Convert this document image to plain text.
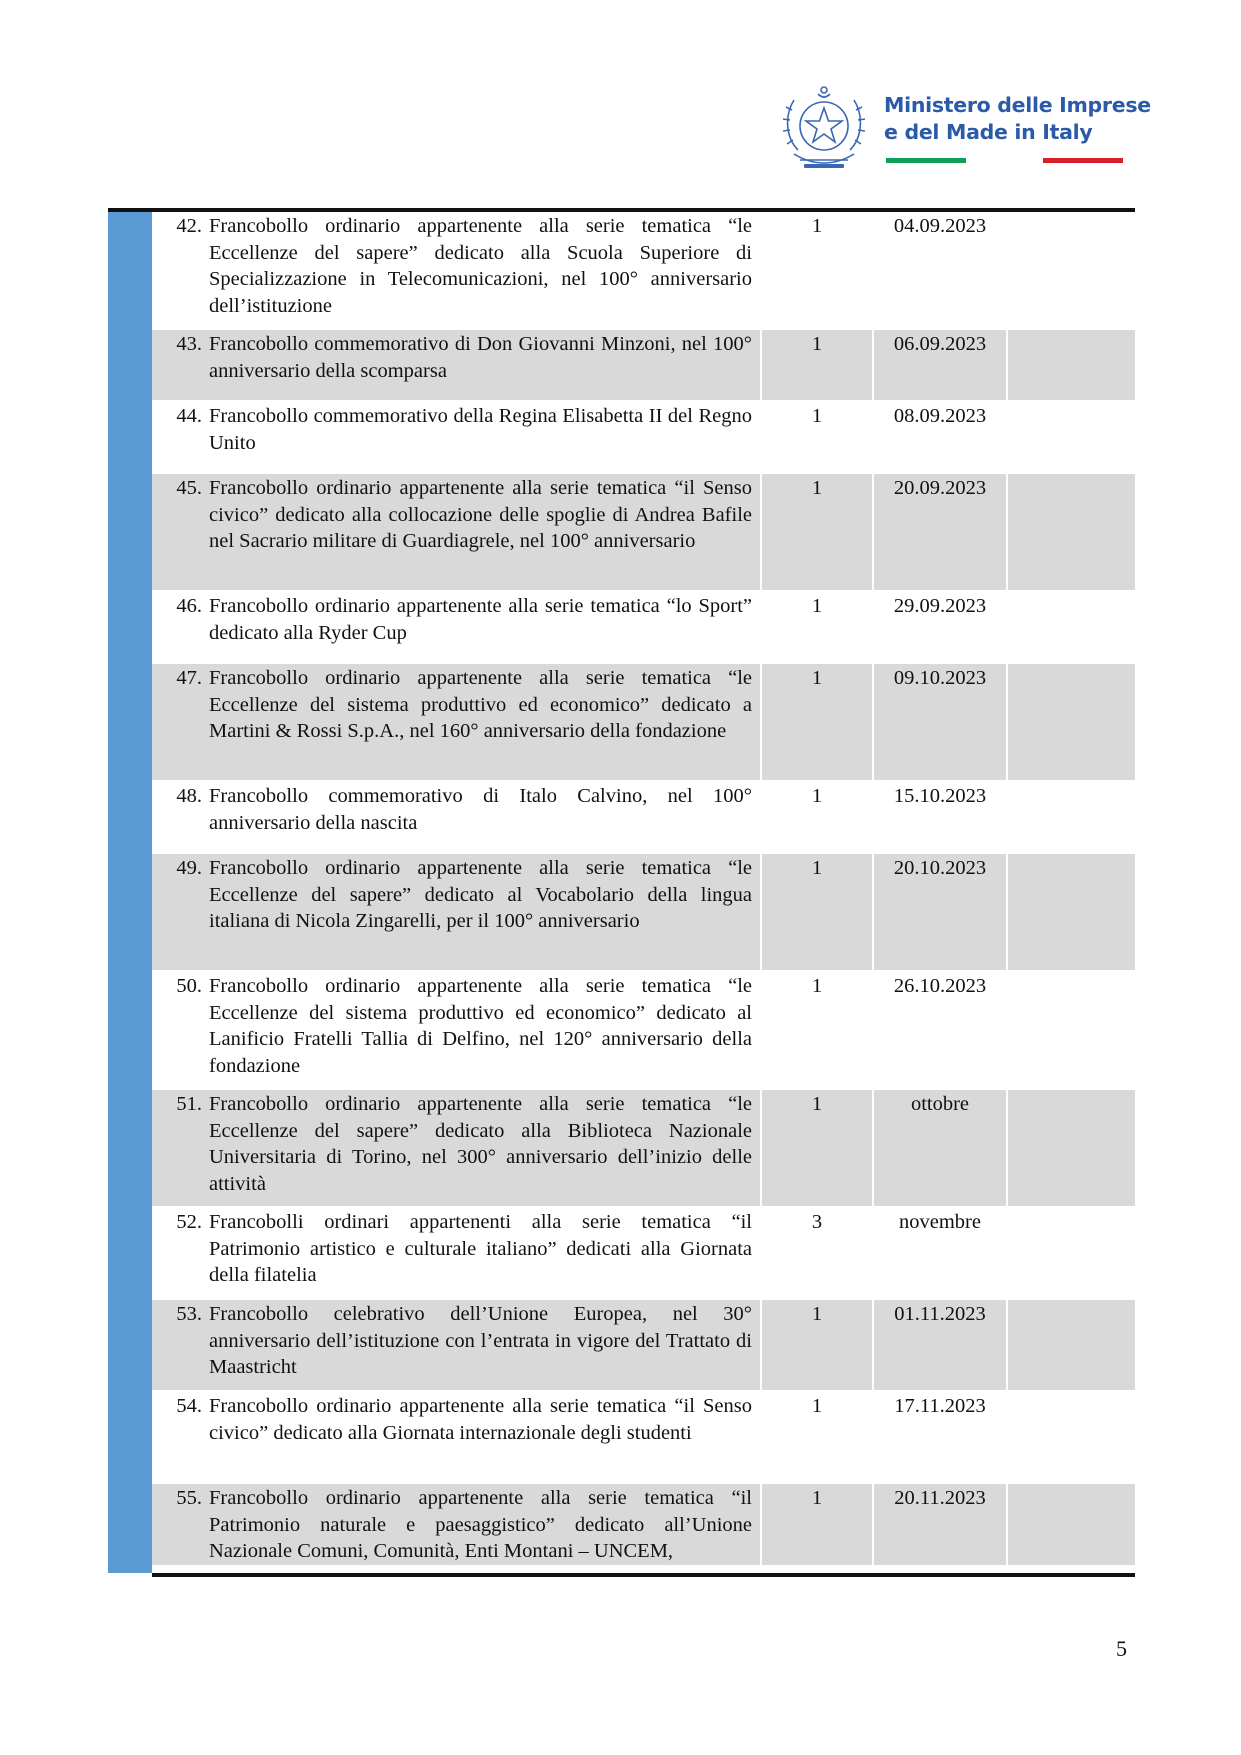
Ministero delle Imprese
e del Made in Italy
42. Francobollo ordinario appartenente alla serie tematica “le Eccellenze del sapere” dedicato alla Scuola Superiore di Specializzazione in Telecomunicazioni, nel 100° anniversario dell’istituzione
1	04.09.2023
43. Francobollo commemorativo di Don Giovanni Minzoni, nel 100° anniversario della scomparsa
1	06.09.2023
44. Francobollo commemorativo della Regina Elisabetta II del Regno Unito
1	08.09.2023
45. Francobollo ordinario appartenente alla serie tematica “il Senso civico” dedicato alla collocazione delle spoglie di Andrea Bafile nel Sacrario militare di Guardiagrele, nel 100° anniversario
1	20.09.2023
46. Francobollo ordinario appartenente alla serie tematica “lo Sport” dedicato alla Ryder Cup
1	29.09.2023
47. Francobollo ordinario appartenente alla serie tematica “le Eccellenze del sistema produttivo ed economico” dedicato a Martini & Rossi S.p.A., nel 160° anniversario della fondazione
1	09.10.2023
48. Francobollo commemorativo di Italo Calvino, nel 100° anniversario della nascita
1	15.10.2023
49. Francobollo ordinario appartenente alla serie tematica “le Eccellenze del sapere” dedicato al Vocabolario della lingua italiana di Nicola Zingarelli, per il 100° anniversario
1	20.10.2023
50. Francobollo ordinario appartenente alla serie tematica “le Eccellenze del sistema produttivo ed economico” dedicato al Lanificio Fratelli Tallia di Delfino, nel 120° anniversario della fondazione
1	26.10.2023
51. Francobollo ordinario appartenente alla serie tematica “le Eccellenze del sapere” dedicato alla Biblioteca Nazionale Universitaria di Torino, nel 300° anniversario dell’inizio delle attività
1	ottobre
52. Francobolli ordinari appartenenti alla serie tematica “il Patrimonio artistico e culturale italiano” dedicati alla Giornata della filatelia
3	novembre
53. Francobollo celebrativo dell’Unione Europea, nel 30° anniversario dell’istituzione con l’entrata in vigore del Trattato di Maastricht
1	01.11.2023
54. Francobollo ordinario appartenente alla serie tematica “il Senso civico” dedicato alla Giornata internazionale degli studenti
1	17.11.2023
55. Francobollo ordinario appartenente alla serie tematica “il Patrimonio naturale e paesaggistico” dedicato all’Unione Nazionale Comuni, Comunità, Enti Montani – UNCEM,
1	20.11.2023
5
